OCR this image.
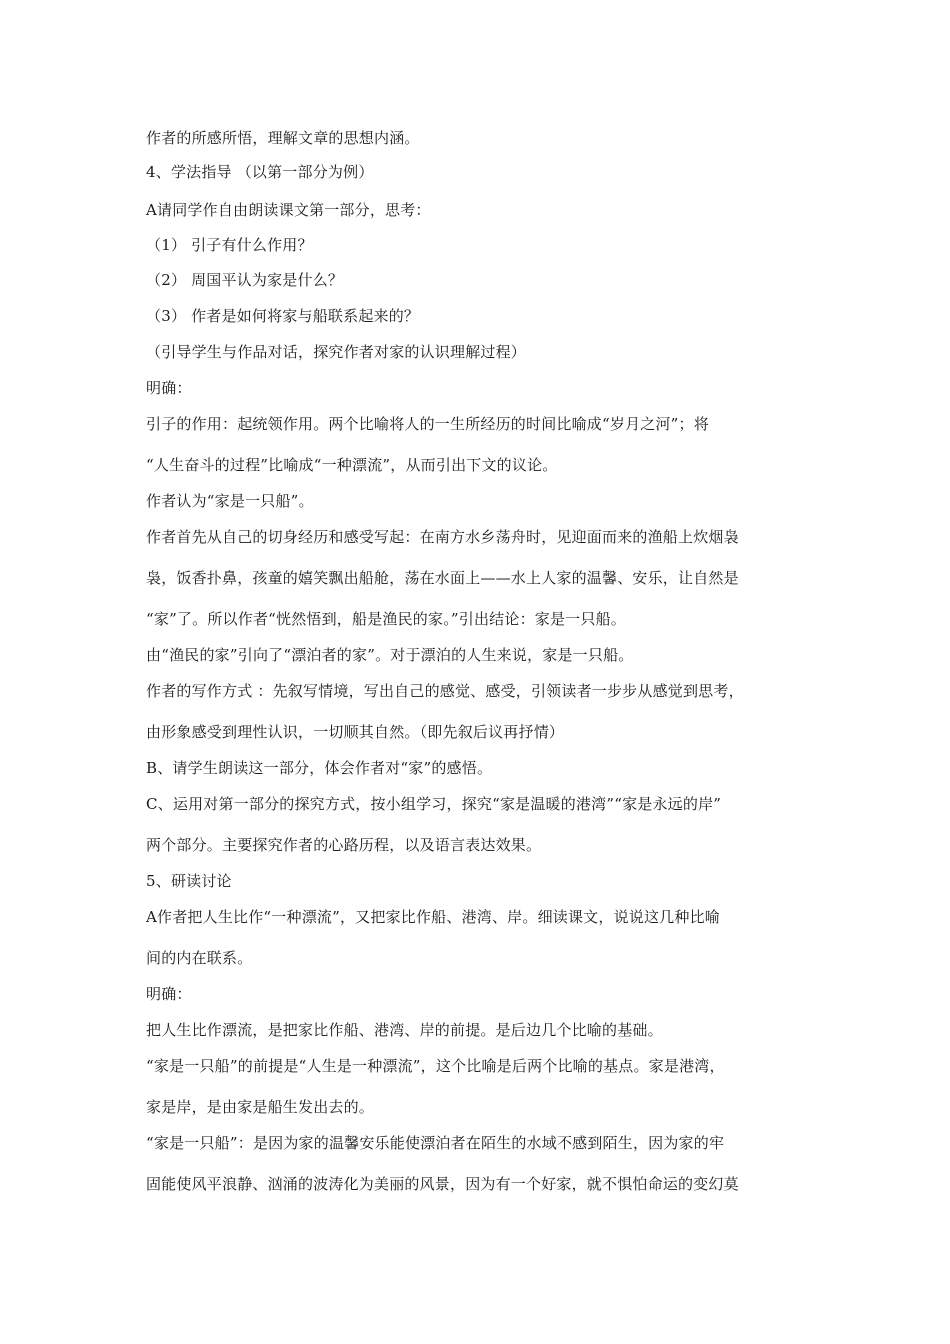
作者的所感所悟，理解文章的思想内涵。
4、学法指导 （以第一部分为例）
A请同学作自由朗读课文第一部分，思考：
（1） 引子有什么作用？
（2） 周国平认为家是什么？
（3） 作者是如何将家与船联系起来的？
（引导学生与作品对话，探究作者对家的认识理解过程）
明确：
引子的作用：起统领作用。两个比喻将人的一生所经历的时间比喻成“岁月之河”；将
“人生奋斗的过程”比喻成“一种漂流”，从而引出下文的议论。
作者认为“家是一只船”。
作者首先从自己的切身经历和感受写起：在南方水乡荡舟时，见迎面而来的渔船上炊烟袅
袅，饭香扑鼻，孩童的嬉笑飘出船舱，荡在水面上——水上人家的温馨、安乐，让自然是
“家”了。所以作者“恍然悟到，船是渔民的家。”引出结论：家是一只船。
由“渔民的家”引向了“漂泊者的家”。对于漂泊的人生来说，家是一只船。
作者的写作方式 ：先叙写情境，写出自己的感觉、感受，引领读者一步步从感觉到思考，
由形象感受到理性认识，一切顺其自然。（即先叙后议再抒情）
B、请学生朗读这一部分，体会作者对“家”的感悟。
C、运用对第一部分的探究方式，按小组学习，探究“家是温暖的港湾”“家是永远的岸”
两个部分。主要探究作者的心路历程，以及语言表达效果。
5、研读讨论
A作者把人生比作“一种漂流”，又把家比作船、港湾、岸。细读课文，说说这几种比喻
间的内在联系。
明确：
把人生比作漂流，是把家比作船、港湾、岸的前提。是后边几个比喻的基础。
“家是一只船”的前提是“人生是一种漂流”，这个比喻是后两个比喻的基点。家是港湾，
家是岸，是由家是船生发出去的。
“家是一只船”：是因为家的温馨安乐能使漂泊者在陌生的水域不感到陌生，因为家的牢
固能使风平浪静、汹涌的波涛化为美丽的风景，因为有一个好家，就不惧怕命运的变幻莫
